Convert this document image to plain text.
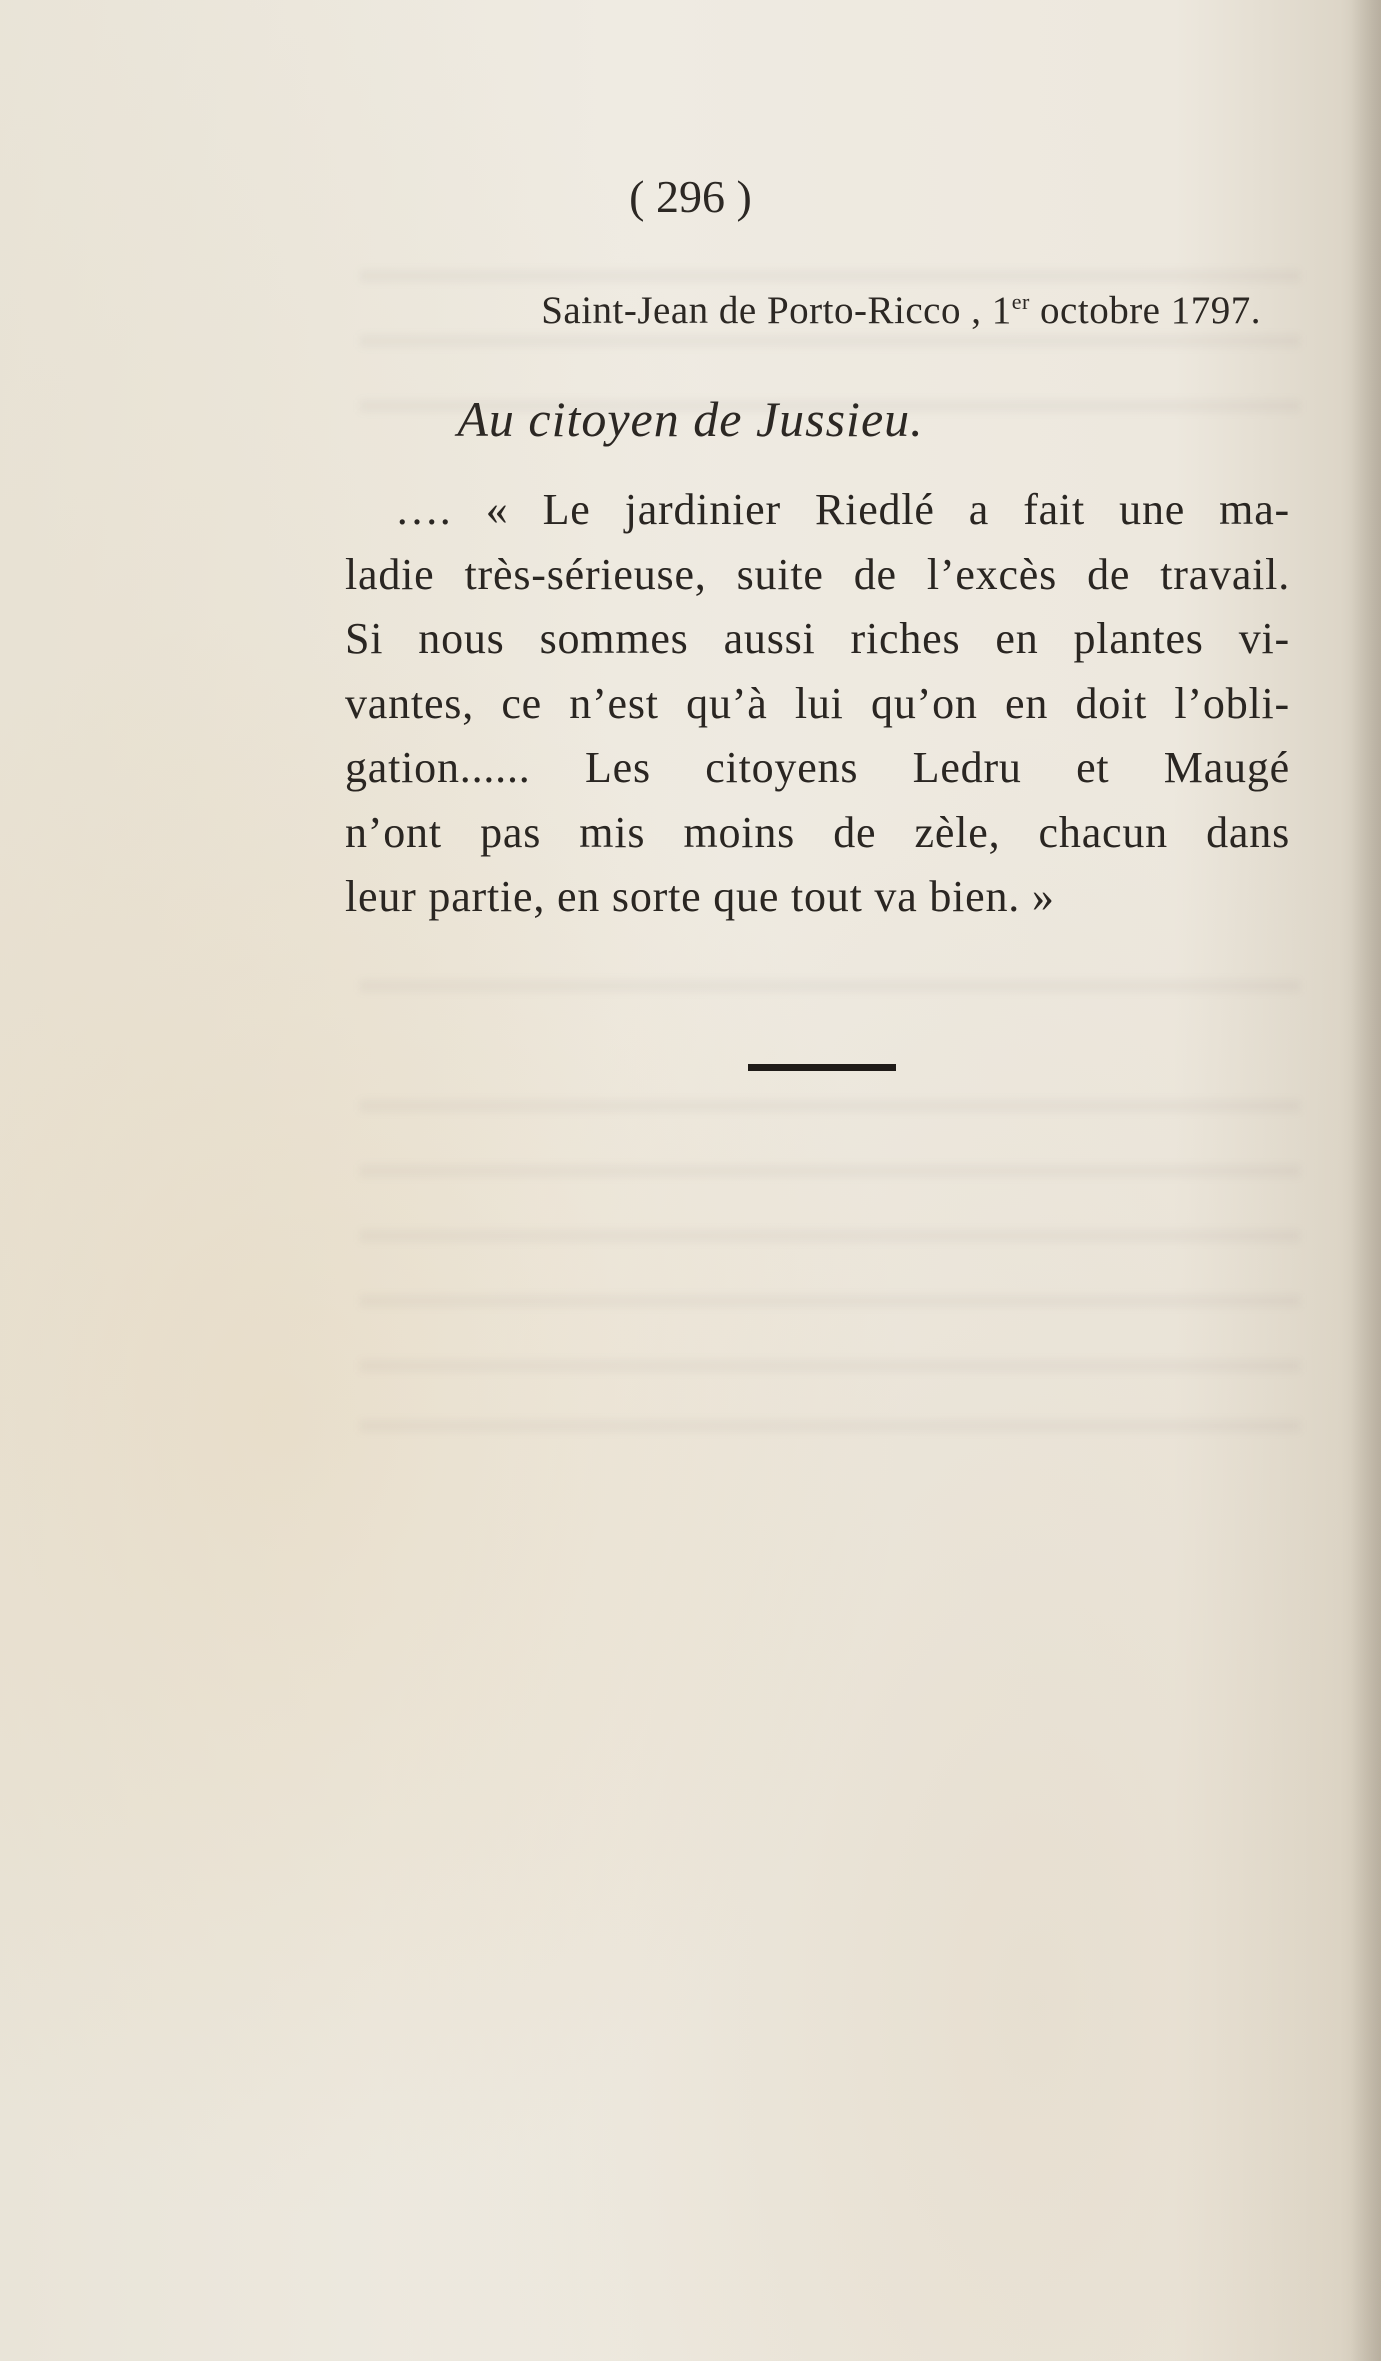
( 296 )
Saint-Jean de Porto-Ricco , 1er octobre 1797.
Au citoyen de Jussieu.
…. « Le jardinier Riedlé a fait une ma-
ladie très-sérieuse, suite de l’excès de travail.
Si nous sommes aussi riches en plantes vi-
vantes, ce n’est qu’à lui qu’on en doit l’obli-
gation...... Les citoyens Ledru et Maugé
n’ont pas mis moins de zèle, chacun dans
leur partie, en sorte que tout va bien. »
